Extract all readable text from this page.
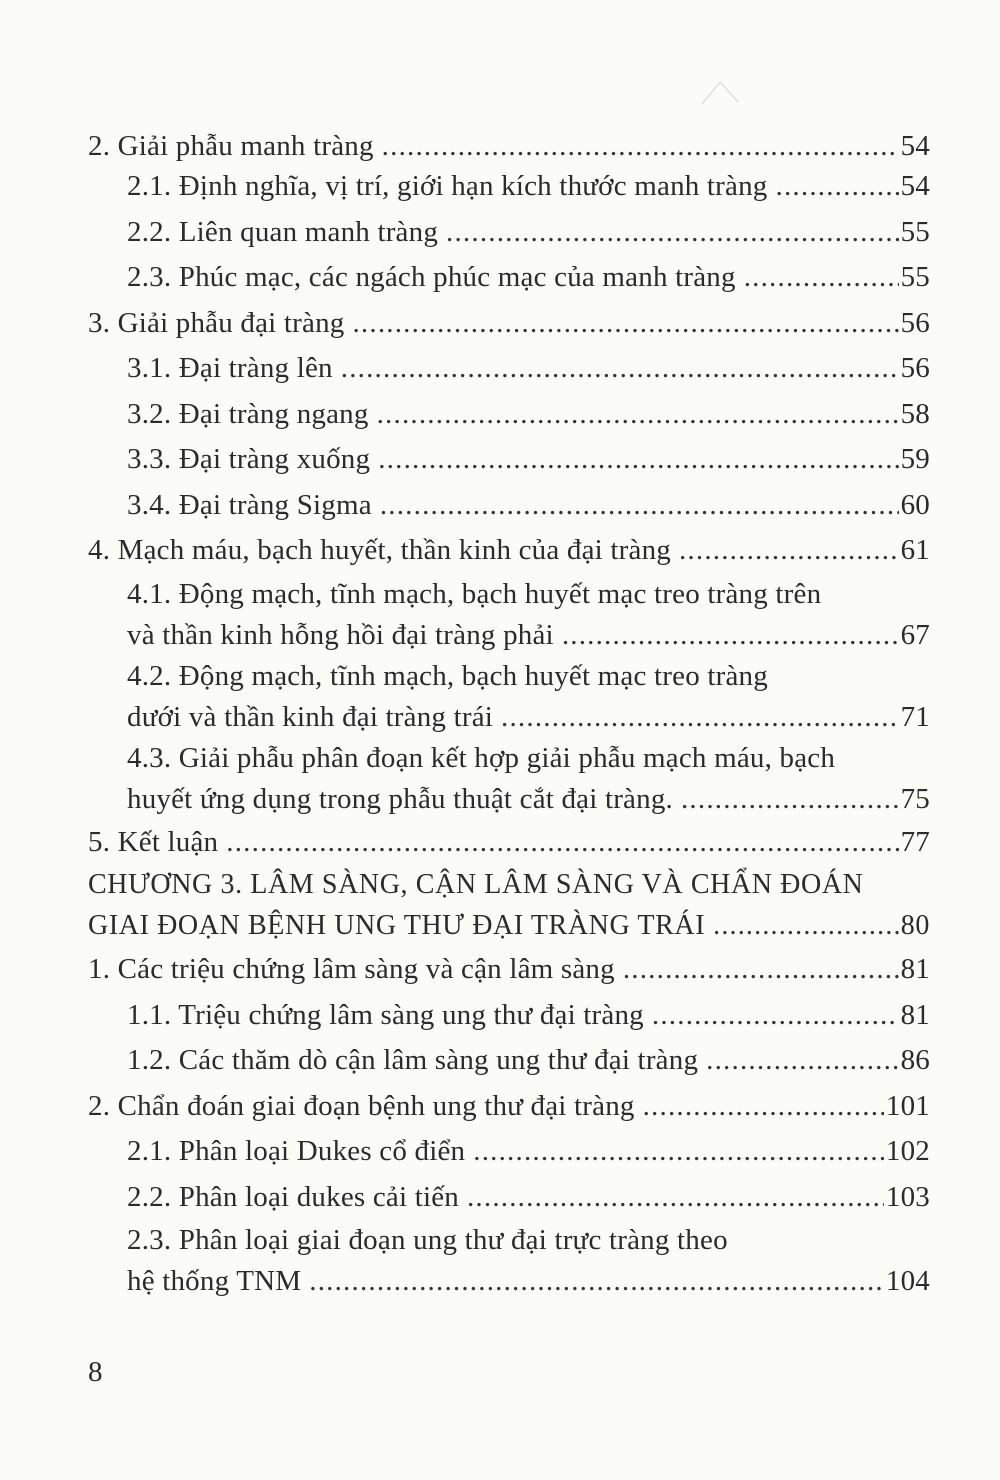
2. Giải phẫu manh tràng .....	54
2.1. Định nghĩa, vị trí, giới hạn kích thước manh tràng .....	54
2.2. Liên quan manh tràng .....	55
2.3. Phúc mạc, các ngách phúc mạc của manh tràng .....	55
3. Giải phẫu đại tràng .....	56
3.1. Đại tràng lên .....	56
3.2. Đại tràng ngang .....	58
3.3. Đại tràng xuống .....	59
3.4. Đại tràng Sigma .....	60
4. Mạch máu, bạch huyết, thần kinh của đại tràng .....	61
4.1. Động mạch, tĩnh mạch, bạch huyết mạc treo tràng trên
và thần kinh hỗng hồi đại tràng phải .....	67
4.2. Động mạch, tĩnh mạch, bạch huyết mạc treo tràng
dưới và thần kinh đại tràng trái .....	71
4.3. Giải phẫu phân đoạn kết hợp giải phẫu mạch máu, bạch
huyết ứng dụng trong phẫu thuật cắt đại tràng. .....	75
5. Kết luận .....	77
CHƯƠNG 3. LÂM SÀNG, CẬN LÂM SÀNG VÀ CHẨN ĐOÁN
GIAI ĐOẠN BỆNH UNG THƯ ĐẠI TRÀNG TRÁI .....	80
1. Các triệu chứng lâm sàng và cận lâm sàng .....	81
1.1. Triệu chứng lâm sàng ung thư đại tràng .....	81
1.2. Các thăm dò cận lâm sàng ung thư đại tràng .....	86
2. Chẩn đoán giai đoạn bệnh ung thư đại tràng .....	101
2.1. Phân loại Dukes cổ điển .....	102
2.2. Phân loại dukes cải tiến .....	103
2.3. Phân loại giai đoạn ung thư đại trực tràng theo
hệ thống TNM .....	104
8
